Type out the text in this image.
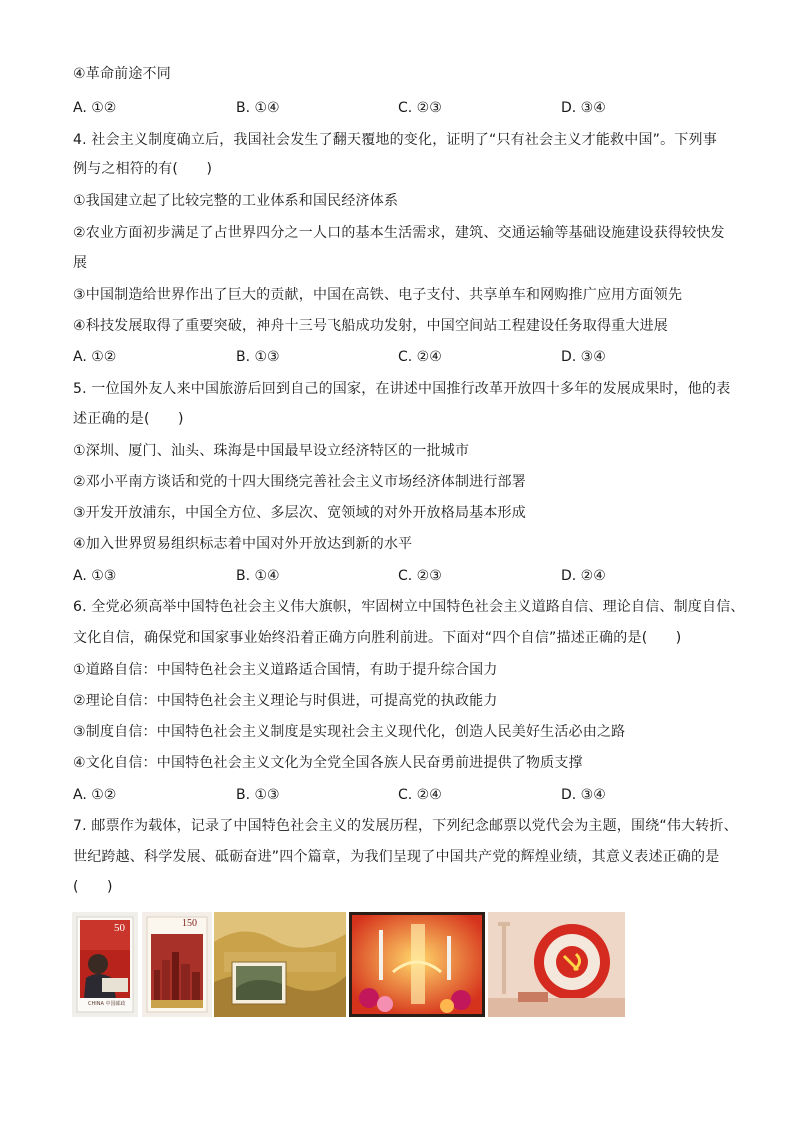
④革命前途不同
A. ①②	B. ①④	C. ②③	D. ③④
4. 社会主义制度确立后，我国社会发生了翻天覆地的变化，证明了“只有社会主义才能救中国”。下列事
例与之相符的有(　　)
①我国建立起了比较完整的工业体系和国民经济体系
②农业方面初步满足了占世界四分之一人口的基本生活需求，建筑、交通运输等基础设施建设获得较快发
展
③中国制造给世界作出了巨大的贡献，中国在高铁、电子支付、共享单车和网购推广应用方面领先
④科技发展取得了重要突破，神舟十三号飞船成功发射，中国空间站工程建设任务取得重大进展
A. ①②	B. ①③	C. ②④	D. ③④
5. 一位国外友人来中国旅游后回到自己的国家，在讲述中国推行改革开放四十多年的发展成果时，他的表
述正确的是(　　)
①深圳、厦门、汕头、珠海是中国最早设立经济特区的一批城市
②邓小平南方谈话和党的十四大围绕完善社会主义市场经济体制进行部署
③开发开放浦东，中国全方位、多层次、宽领域的对外开放格局基本形成
④加入世界贸易组织标志着中国对外开放达到新的水平
A. ①③	B. ①④	C. ②③	D. ②④
6. 全党必须高举中国特色社会主义伟大旗帜，牢固树立中国特色社会主义道路自信、理论自信、制度自信、
文化自信，确保党和国家事业始终沿着正确方向胜利前进。下面对“四个自信”描述正确的是(　　)
①道路自信：中国特色社会主义道路适合国情，有助于提升综合国力
②理论自信：中国特色社会主义理论与时俱进，可提高党的执政能力
③制度自信：中国特色社会主义制度是实现社会主义现代化，创造人民美好生活必由之路
④文化自信：中国特色社会主义文化为全党全国各族人民奋勇前进提供了物质支撑
A. ①②	B. ①③	C. ②④	D. ③④
7. 邮票作为载体，记录了中国特色社会主义的发展历程，下列纪念邮票以党代会为主题，围绕“伟大转折、
世纪跨越、科学发展、砥砺奋进”四个篇章，为我们呈现了中国共产党的辉煌业绩，其意义表述正确的是
(　　)
50
CHINA 中国邮政
150
